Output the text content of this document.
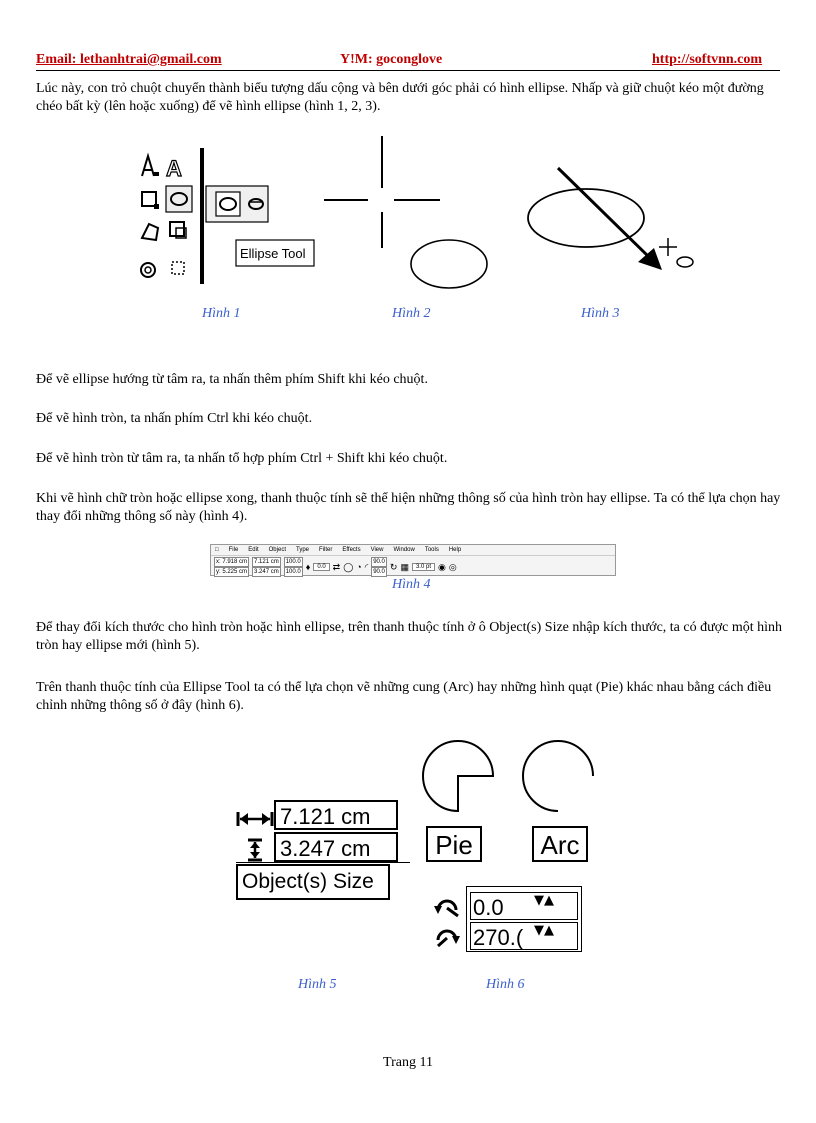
Email: lethanhtrai@gmail.com	Y!M: goconglove	http://softvnn.com
Lúc này, con trỏ chuột chuyển thành biểu tượng dấu cộng và bên dưới góc phải có hình ellipse. Nhấp và giữ chuột kéo một đường chéo bất kỳ (lên hoặc xuống) để vẽ hình ellipse (hình 1, 2, 3).
A
Ellipse Tool
Hình 1	Hình 2	Hình 3
Để vẽ ellipse hướng từ tâm ra, ta nhấn thêm phím Shift khi kéo chuột.
Để vẽ hình tròn, ta nhấn phím Ctrl khi kéo chuột.
Để vẽ hình tròn từ tâm ra, ta nhấn tổ hợp phím Ctrl + Shift khi kéo chuột.
Khi vẽ hình chữ tròn hoặc ellipse xong, thanh thuộc tính sẽ thể hiện những thông số của hình tròn hay ellipse. Ta có thể lựa chọn hay thay đổi những thông số này (hình 4).
□ File Edit Object Type Filter Effects View Window Tools Help
x: 7.918 cm
y: 5.225 cm
7.121 cm
3.247 cm
100.0
100.0 ♦	0.0 ⇄ ◯ ◔ ◜ 90.0
90.0
↻ ▦	3.0 pt ◉ ◎
Hình 4
Để thay đổi kích thước cho hình tròn hoặc hình ellipse, trên thanh thuộc tính ở ô Object(s) Size nhập kích thước, ta có được một hình tròn hay ellipse mới (hình 5).
Trên thanh thuộc tính của Ellipse Tool ta có thể lựa chọn vẽ những cung (Arc) hay những hình quạt (Pie) khác nhau bằng cách điều chỉnh những thông số ở đây (hình 6).
7.121 cm
3.247 cm
Object(s) Size
Hình 5
Pie	Arc
0.0	▼▲
270.( ▼▲
Hình 6
Trang 11
